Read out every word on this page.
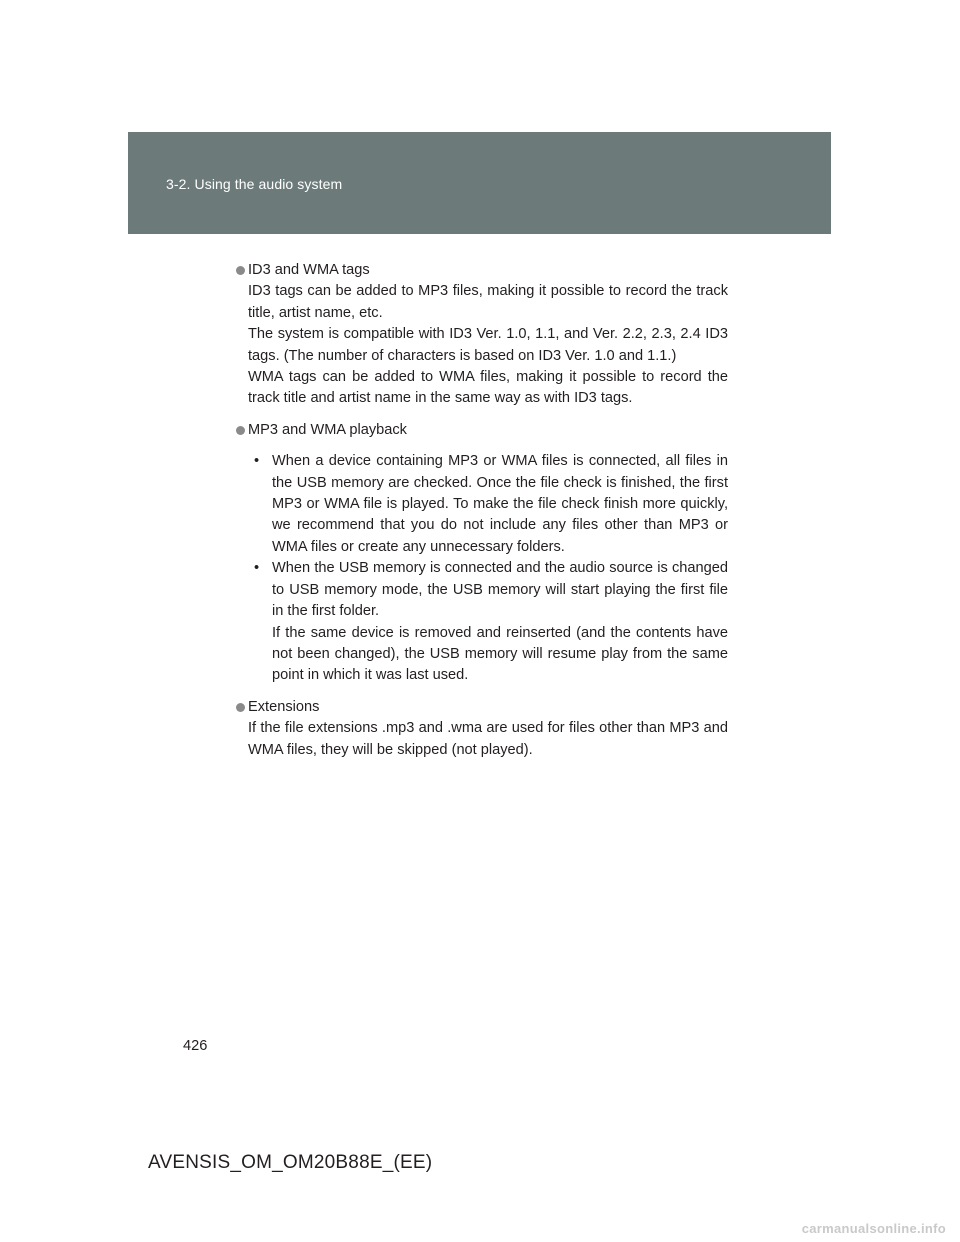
3-2. Using the audio system
ID3 and WMA tags
ID3 tags can be added to MP3 files, making it possible to record the track title, artist name, etc.
The system is compatible with ID3 Ver. 1.0, 1.1, and Ver. 2.2, 2.3, 2.4 ID3 tags. (The number of characters is based on ID3 Ver. 1.0 and 1.1.)
WMA tags can be added to WMA files, making it possible to record the track title and artist name in the same way as with ID3 tags.
MP3 and WMA playback
• When a device containing MP3 or WMA files is connected, all files in the USB memory are checked. Once the file check is finished, the first MP3 or WMA file is played. To make the file check finish more quickly, we recommend that you do not include any files other than MP3 or WMA files or create any unnecessary folders.
• When the USB memory is connected and the audio source is changed to USB memory mode, the USB memory will start playing the first file in the first folder.
If the same device is removed and reinserted (and the contents have not been changed), the USB memory will resume play from the same point in which it was last used.
Extensions
If the file extensions .mp3 and .wma are used for files other than MP3 and WMA files, they will be skipped (not played).
426
AVENSIS_OM_OM20B88E_(EE)
carmanualsonline.info
